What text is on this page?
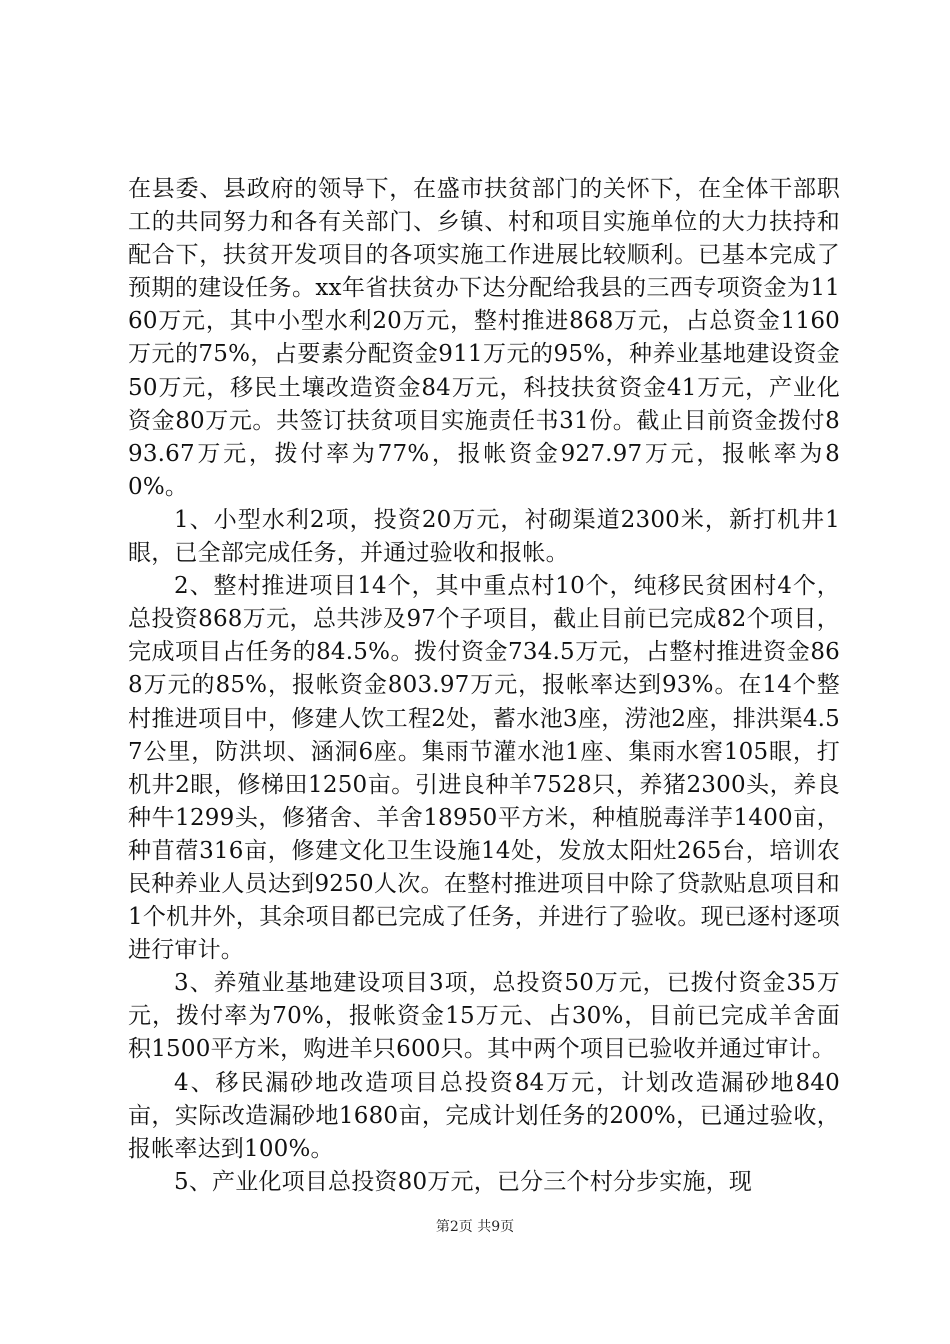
在县委、县政府的领导下，在盛市扶贫部门的关怀下，在全体干部职工的共同努力和各有关部门、乡镇、村和项目实施单位的大力扶持和配合下，扶贫开发项目的各项实施工作进展比较顺利。已基本完成了预期的建设任务。xx年省扶贫办下达分配给我县的三西专项资金为1160万元，其中小型水利20万元，整村推进868万元，占总资金1160万元的75%，占要素分配资金911万元的95%，种养业基地建设资金50万元，移民土壤改造资金84万元，科技扶贫资金41万元，产业化资金80万元。共签订扶贫项目实施责任书31份。截止目前资金拨付893.67万元，拨付率为77%，报帐资金927.97万元，报帐率为80%。

1、小型水利2项，投资20万元，衬砌渠道2300米，新打机井1眼，已全部完成任务，并通过验收和报帐。

2、整村推进项目14个，其中重点村10个，纯移民贫困村4个，总投资868万元，总共涉及97个子项目，截止目前已完成82个项目，完成项目占任务的84.5%。拨付资金734.5万元，占整村推进资金868万元的85%，报帐资金803.97万元，报帐率达到93%。在14个整村推进项目中，修建人饮工程2处，蓄水池3座，涝池2座，排洪渠4.57公里，防洪坝、涵洞6座。集雨节灌水池1座、集雨水窖105眼，打机井2眼，修梯田1250亩。引进良种羊7528只，养猪2300头，养良种牛1299头，修猪舍、羊舍18950平方米，种植脱毒洋芋1400亩，种苜蓿316亩，修建文化卫生设施14处，发放太阳灶265台，培训农民种养业人员达到9250人次。在整村推进项目中除了贷款贴息项目和1个机井外，其余项目都已完成了任务，并进行了验收。现已逐村逐项进行审计。

3、养殖业基地建设项目3项，总投资50万元，已拨付资金35万元，拨付率为70%，报帐资金15万元、占30%，目前已完成羊舍面积1500平方米，购进羊只600只。其中两个项目已验收并通过审计。

4、移民漏砂地改造项目总投资84万元，计划改造漏砂地840亩，实际改造漏砂地1680亩，完成计划任务的200%，已通过验收，报帐率达到100%。

5、产业化项目总投资80万元，已分三个村分步实施，现

第2页 共9页
